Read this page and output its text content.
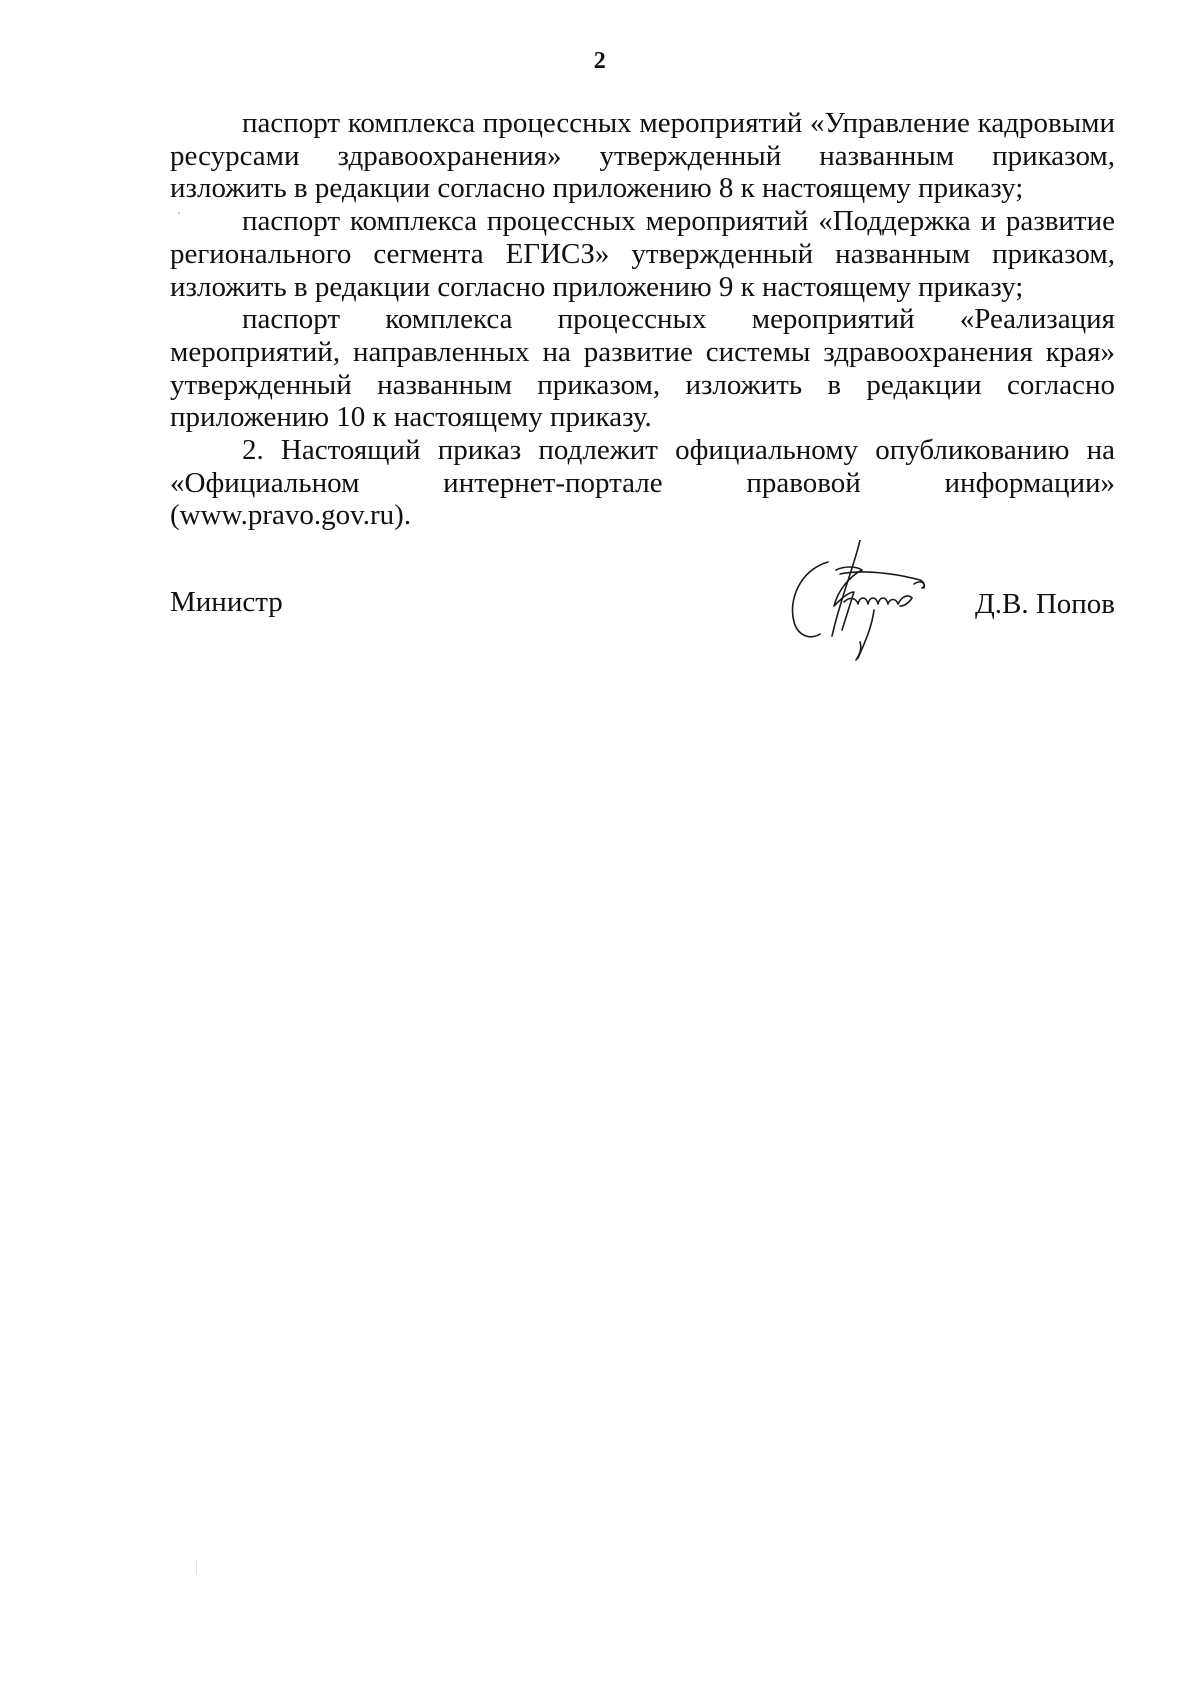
2

паспорт комплекса процессных мероприятий «Управление кадровыми ресурсами здравоохранения» утвержденный названным приказом, изложить в редакции согласно приложению 8 к настоящему приказу;

паспорт комплекса процессных мероприятий «Поддержка и развитие регионального сегмента ЕГИСЗ» утвержденный названным приказом, изложить в редакции согласно приложению 9 к настоящему приказу;

паспорт комплекса процессных мероприятий «Реализация мероприятий, направленных на развитие системы здравоохранения края» утвержденный названным приказом, изложить в редакции согласно приложению 10 к настоящему приказу.

2. Настоящий приказ подлежит официальному опубликованию на «Официальном интернет-портале правовой информации» (www.pravo.gov.ru).

Министр	Д.В. Попов
